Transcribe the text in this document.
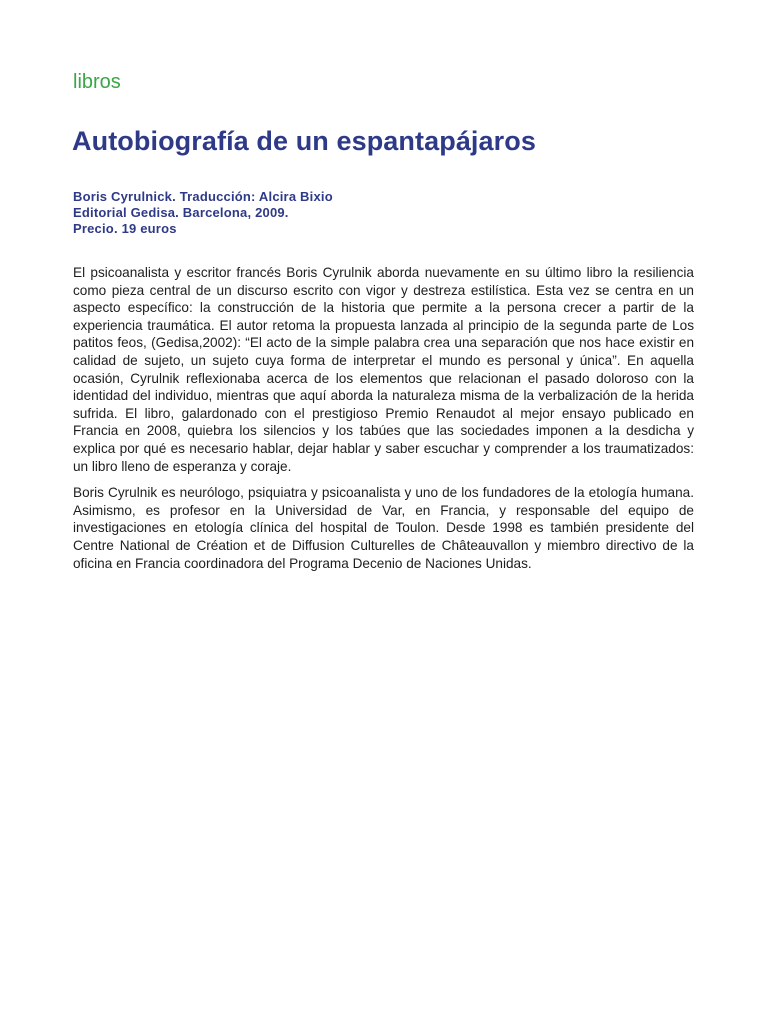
libros
Autobiografía de un espantapájaros
Boris Cyrulnick. Traducción: Alcira Bixio
Editorial Gedisa. Barcelona, 2009.
Precio. 19 euros

El psicoanalista y escritor francés Boris Cyrulnik aborda nuevamente en su último libro la resiliencia como pieza central de un discurso escrito con vigor y destreza estilística. Esta vez se centra en un aspecto específico: la construcción de la historia que permite a la persona crecer a partir de la experiencia traumática. El autor retoma la propuesta lanzada al principio de la segunda parte de Los patitos feos, (Gedisa,2002): “El acto de la simple palabra crea una separación que nos hace existir en calidad de sujeto, un sujeto cuya forma de interpretar el mundo es personal y única”. En aquella ocasión, Cyrulnik reflexionaba acerca de los elementos que relacionan el pasado doloroso con la identidad del individuo, mientras que aquí aborda la naturaleza misma de la verbalización de la herida sufrida. El libro, galardonado con el prestigioso Premio Renaudot al mejor ensayo publicado en Francia en 2008, quiebra los silencios y los tabúes que las sociedades imponen a la desdicha y explica por qué es necesario hablar, dejar hablar y saber escuchar y comprender a los traumatizados: un libro lleno de esperanza y coraje.

Boris Cyrulnik es neurólogo, psiquiatra y psicoanalista y uno de los fundadores de la etología humana. Asimismo, es profesor en la Universidad de Var, en Francia, y responsable del equipo de investigaciones en etología clínica del hospital de Toulon. Desde 1998 es también presidente del Centre National de Création et de Diffusion Culturelles de Châteauvallon y miembro directivo de la oficina en Francia coordinadora del Programa Decenio de Naciones Unidas.
